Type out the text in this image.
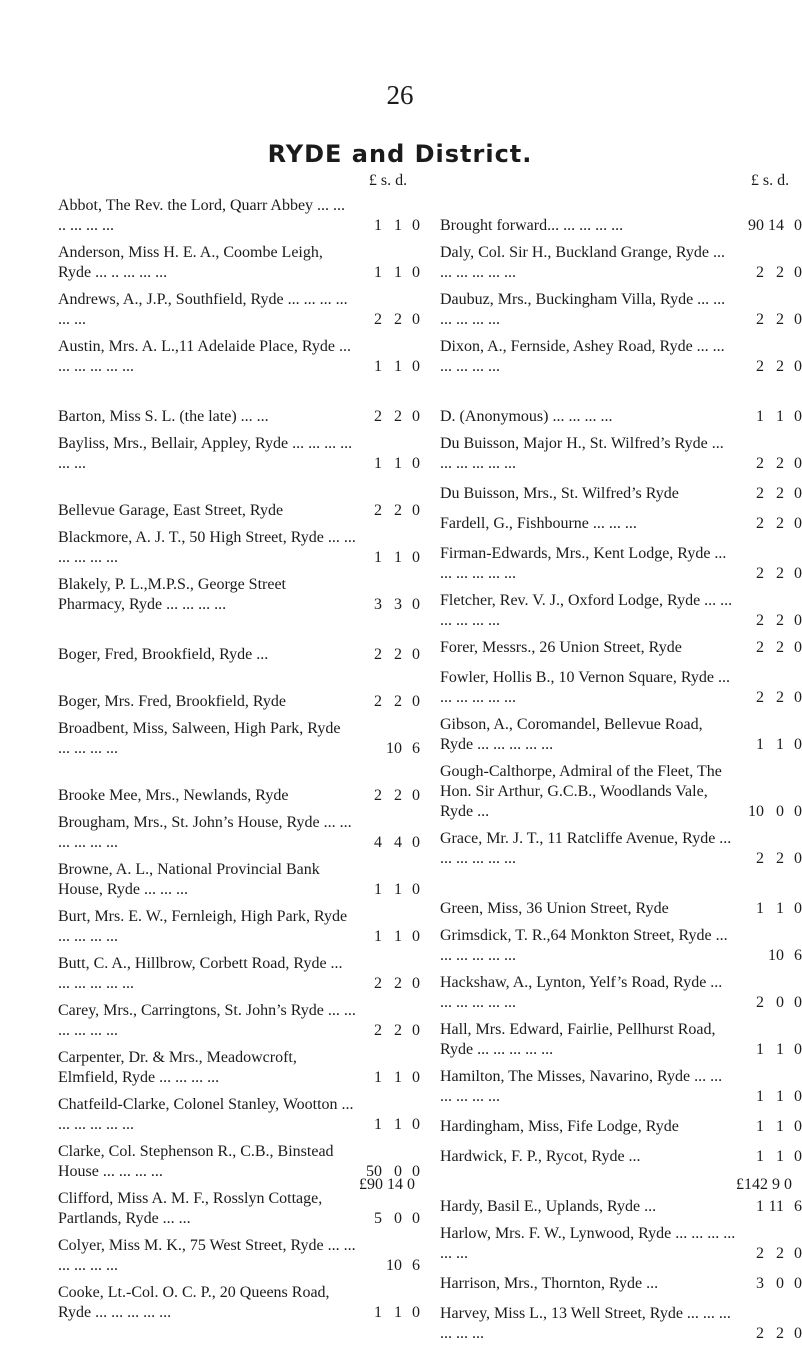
26
RYDE and District.
£ s. d.
Abbot, The Rev. the Lord, Quarr Abbey ... ... .. ... ... ...	1 1 0
Anderson, Miss H. E. A., Coombe Leigh, Ryde ... .. ... ... ...	1 1 0
Andrews, A., J.P., Southfield, Ryde ... ... ... ... ... ...	2 2 0
Austin, Mrs. A. L.,11 Adelaide Place, Ryde ... ... ... ... ... ...	1 1 0
Barton, Miss S. L. (the late) ... ...	2 2 0
Bayliss, Mrs., Bellair, Appley, Ryde ... ... ... ... ... ...	1 1 0
Bellevue Garage, East Street, Ryde	2 2 0
Blackmore, A. J. T., 50 High Street, Ryde ... ... ... ... ... ...	1 1 0
Blakely, P. L.,M.P.S., George Street Pharmacy, Ryde ... ... ... ...	3 3 0
Boger, Fred, Brookfield, Ryde ...	2 2 0
Boger, Mrs. Fred, Brookfield, Ryde	2 2 0
Broadbent, Miss, Salween, High Park, Ryde ... ... ... ...	10 6
Brooke Mee, Mrs., Newlands, Ryde	2 2 0
Brougham, Mrs., St. John’s House, Ryde ... ... ... ... ... ...	4 4 0
Browne, A. L., National Provincial Bank House, Ryde ... ... ...	1 1 0
Burt, Mrs. E. W., Fernleigh, High Park, Ryde ... ... ... ...	1 1 0
Butt, C. A., Hillbrow, Corbett Road, Ryde ... ... ... ... ... ...	2 2 0
Carey, Mrs., Carringtons, St. John’s Ryde ... ... ... ... ... ...	2 2 0
Carpenter, Dr. & Mrs., Meadowcroft, Elmfield, Ryde ... ... ... ...	1 1 0
Chatfeild-Clarke, Colonel Stanley, Wootton ... ... ... ... ... ...	1 1 0
Clarke, Col. Stephenson R., C.B., Binstead House ... ... ... ...	50 0 0
Clifford, Miss A. M. F., Rosslyn Cottage, Partlands, Ryde ... ...	5 0 0
Colyer, Miss M. K., 75 West Street, Ryde ... ... ... ... ... ...	10 6
Cooke, Lt.-Col. O. C. P., 20 Queens Road, Ryde ... ... ... ... ...	1 1 0
£ s. d.
Brought forward... ... ... ... ...	90 14 0
Daly, Col. Sir H., Buckland Grange, Ryde ... ... ... ... ... ...	2 2 0
Daubuz, Mrs., Buckingham Villa, Ryde ... ... ... ... ... ...	2 2 0
Dixon, A., Fernside, Ashey Road, Ryde ... ... ... ... ... ...	2 2 0
D. (Anonymous) ... ... ... ...	1 1 0
Du Buisson, Major H., St. Wilfred’s Ryde ... ... ... ... ... ...	2 2 0
Du Buisson, Mrs., St. Wilfred’s Ryde	2 2 0
Fardell, G., Fishbourne ... ... ...	2 2 0
Firman-Edwards, Mrs., Kent Lodge, Ryde ... ... ... ... ... ...	2 2 0
Fletcher, Rev. V. J., Oxford Lodge, Ryde ... ... ... ... ... ...	2 2 0
Forer, Messrs., 26 Union Street, Ryde	2 2 0
Fowler, Hollis B., 10 Vernon Square, Ryde ... ... ... ... ... ...	2 2 0
Gibson, A., Coromandel, Bellevue Road, Ryde ... ... ... ... ...	1 1 0
Gough-Calthorpe, Admiral of the Fleet, The Hon. Sir Arthur, G.C.B., Woodlands Vale, Ryde ...	10 0 0
Grace, Mr. J. T., 11 Ratcliffe Avenue, Ryde ... ... ... ... ... ...	2 2 0
Green, Miss, 36 Union Street, Ryde	1 1 0
Grimsdick, T. R.,64 Monkton Street, Ryde ... ... ... ... ... ...	10 6
Hackshaw, A., Lynton, Yelf’s Road, Ryde ... ... ... ... ... ...	2 0 0
Hall, Mrs. Edward, Fairlie, Pellhurst Road, Ryde ... ... ... ... ...	1 1 0
Hamilton, The Misses, Navarino, Ryde ... ... ... ... ... ...	1 1 0
Hardingham, Miss, Fife Lodge, Ryde	1 1 0
Hardwick, F. P., Rycot, Ryde ...	1 1 0
Hardy, Basil E., Uplands, Ryde ...	1 11 6
Harlow, Mrs. F. W., Lynwood, Ryde ... ... ... ... ... ...	2 2 0
Harrison, Mrs., Thornton, Ryde ...	3 0 0
Harvey, Miss L., 13 Well Street, Ryde ... ... ... ... ... ...	2 2 0
£90 14 0	£142 9 0
